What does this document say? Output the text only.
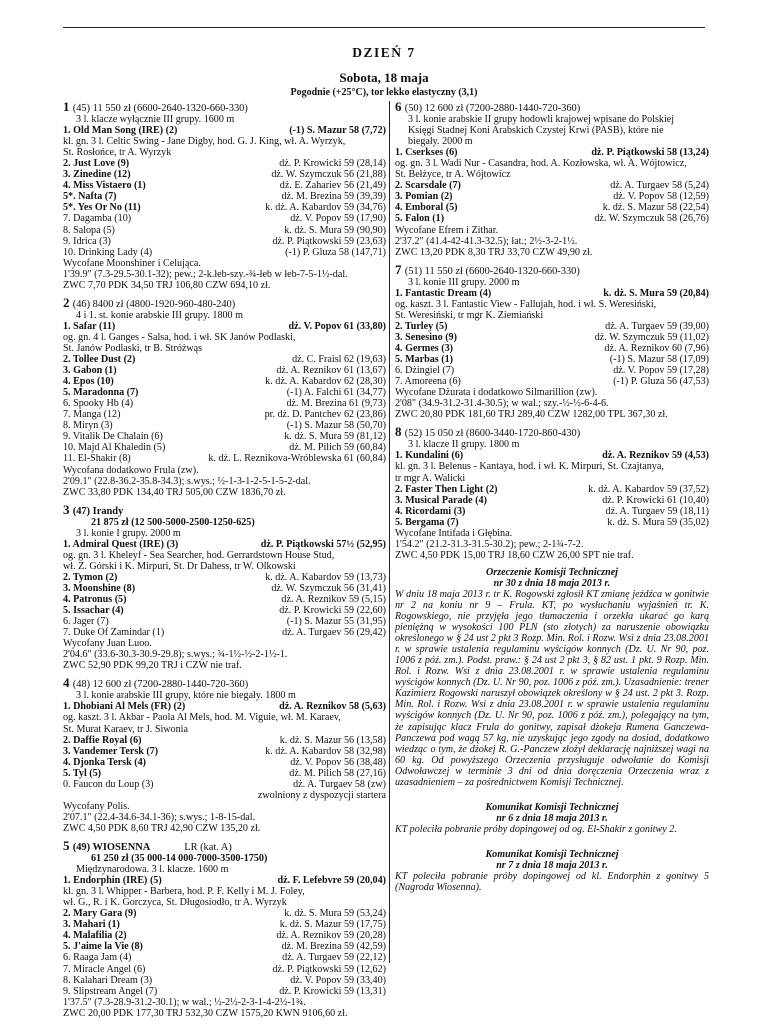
DZIEŃ 7
Sobota, 18 maja
Pogodnie (+25°C), tor lekko elastyczny (3,1)
1 (45) 11 550 zł (6600-2640-1320-660-330)
3 l. klacze wyłącznie III grupy. 1600 m
1. Old Man Song (IRE) (2)	(-1) S. Mazur 58 (7,72)
kl. gn. 3 l. Celtic Swing - Jane Digby, hod. G. J. King, wł. A. Wyrzyk,
St. Rosłońce, tr A. Wyrzyk
2. Just Love (9)	dż. P. Krowicki 59 (28,14)
3. Zinedine (12)	dż. W. Szymczuk 56 (21,88)
4. Miss Vistaero (1)	dż. E. Zahariev 56 (21,49)
5*. Nafta (7)	dż. M. Brezina 59 (39,39)
5*. Yes Or No (11)	k. dż. A. Kabardov 59 (34,76)
7. Dagamba (10)	dż. V. Popov 59 (17,90)
8. Salopa (5)	k. dż. S. Mura 59 (90,90)
9. Idrica (3)	dż. P. Piątkowski 59 (23,63)
10. Drinking Lady (4)	(-1) P. Gluza 58 (147,71)
Wycofane Moonshiner i Celująca.
1'39.9" (7.3-29.5-30.1-32); pew.; 2-k.łeb-szy.-¾-łeb w łeb-7-5-1½-dal.
ZWC 7,70 PDK 34,50 TRJ 106,80 CZW 694,10 zł.
2 (46) 8400 zł (4800-1920-960-480-240)
4 i 1. st. konie arabskie III grupy. 1800 m
1. Safar (11)	dż. V. Popov 61 (33,80)
og. gn. 4 l. Ganges - Salsa, hod. i wł. SK Janów Podlaski,
St. Janów Podlaski, tr B. Stróżwąs
2. Tollee Dust (2)	dż. C. Fraisl 62 (19,63)
3. Gabon (1)	dż. A. Reznikov 61 (13,67)
4. Epos (10)	k. dż. A. Kabardov 62 (28,30)
5. Maradonna (7)	(-1) A. Falchi 61 (34,77)
6. Spooky Hb (4)	dż. M. Brezina 61 (9,73)
7. Manga (12)	pr. dż. D. Pantchev 62 (23,86)
8. Miryn (3)	(-1) S. Mazur 58 (50,70)
9. Vitalik De Chalain (6)	k. dż. S. Mura 59 (81,12)
10. Majd Al Khaledin (5)	dż. M. Pilich 59 (60,84)
11. El-Shakir (8)	k. dż. L. Reznikova-Wróblewska 61 (60,84)
Wycofana dodatkowo Frula (zw).
2'09.1" (22.8-36.2-35.8-34.3); s.wys.; ½-1-3-1-2-5-1-5-2-dal.
ZWC 33,80 PDK 134,40 TRJ 505,00 CZW 1836,70 zł.
3 (47) Irandy
21 875 zł (12 500-5000-2500-1250-625)
3 l. konie I grupy. 2000 m
1. Admiral Quest (IRE) (3)	dż. P. Piątkowski 57½ (52,95)
og. gn. 3 l. Kheleyf - Sea Searcher, hod. Gerrardstown House Stud,
wł. Z. Górski i K. Mirpuri, St. Dr Dahess, tr W. Olkowski
2. Tymon (2)	k. dż. A. Kabardov 59 (13,73)
3. Moonshine (8)	dż. W. Szymczuk 56 (31,41)
4. Patronus (5)	dż. A. Reznikov 59 (5,15)
5. Issachar (4)	dż. P. Krowicki 59 (22,60)
6. Jager (7)	(-1) S. Mazur 55 (31,95)
7. Duke Of Zamindar (1)	dż. A. Turgaev 56 (29,42)
Wycofany Juan Luoo.
2'04.6" (33.6-30.3-30.9-29.8); s.wys.; ¾-1½-½-2-1½-1.
ZWC 52,90 PDK 99,20 TRJ i CZW nie traf.
4 (48) 12 600 zł (7200-2880-1440-720-360)
3 l. konie arabskie III grupy, które nie biegały. 1800 m
1. Dhobiani Al Mels (FR) (2)	dż. A. Reznikov 58 (5,63)
og. kaszt. 3 l. Akbar - Paola Al Mels, hod. M. Viguie, wł. M. Karaev,
St. Murat Karaev, tr J. Siwonia
2. Daffie Royal (6)	k. dż. S. Mazur 56 (13,58)
3. Vandemer Tersk (7)	k. dż. A. Kabardov 58 (32,98)
4. Djonka Tersk (4)	dż. V. Popov 56 (38,48)
5. Tyl (5)	dż. M. Pilich 58 (27,16)
0. Faucon du Loup (3)	dż. A. Turgaev 58 (zw)
zwolniony z dyspozycji startera
Wycofany Polis.
2'07.1" (22.4-34.6-34.1-36); s.wys.; 1-8-15-dal.
ZWC 4,50 PDK 8,60 TRJ 42,90 CZW 135,20 zł.
5 (49) WIOSENNA	LR (kat. A)
61 250 zł (35 000-14 000-7000-3500-1750)
Międzynarodowa. 3 l. klacze. 1600 m
1. Endorphin (IRE) (5)	dż. F. Lefebvre 59 (20,04)
kl. gn. 3 l. Whipper - Barbera, hod. P. F. Kelly i M. J. Foley,
wł. G., R. i K. Gorczyca, St. Długosiodło, tr A. Wyrzyk
2. Mary Gara (9)	k. dż. S. Mura 59 (53,24)
3. Mahari (1)	k. dż. S. Mazur 59 (17,75)
4. Malafilia (2)	dż. A. Reznikov 59 (20,28)
5. J'aime la Vie (8)	dż. M. Brezina 59 (42,59)
6. Raaga Jam (4)	dż. A. Turgaev 59 (22,12)
7. Miracle Angel (6)	dż. P. Piątkowski 59 (12,62)
8. Kalahari Dream (3)	dż. V. Popov 59 (33,40)
9. Slipstream Angel (7)	dż. P. Krowicki 59 (13,31)
1'37.5" (7.3-28.9-31.2-30.1); w wal.; ½-2½-2-3-1-4-2½-1¾.
ZWC 20,00 PDK 177,30 TRJ 532,30 CZW 1575,20 KWN 9106,60 zł.
6 (50) 12 600 zł (7200-2880-1440-720-360)
3 l. konie arabskie II grupy hodowli krajowej wpisane do Polskiej
Księgi Stadnej Koni Arabskich Czystej Krwi (PASB), które nie
biegały. 2000 m
1. Cserkses (6)	dż. P. Piątkowski 58 (13,24)
og. gn. 3 l. Wadi Nur - Casandra, hod. A. Kozłowska, wł. A. Wójtowicz,
St. Bełżyce, tr A. Wójtowicz
2. Scarsdale (7)	dż. A. Turgaev 58 (5,24)
3. Pomian (2)	dż. V. Popov 58 (12,59)
4. Emboral (5)	k. dż. S. Mazur 58 (22,54)
5. Falon (1)	dż. W. Szymczuk 58 (26,76)
Wycofane Efrem i Zithar.
2'37.2" (41.4-42-41.3-32.5); łat.; 2½-3-2-1½.
ZWC 13,20 PDK 8,30 TRJ 33,70 CZW 49,90 zł.
7 (51) 11 550 zł (6600-2640-1320-660-330)
3 l. konie III grupy. 2000 m
1. Fantastic Dream (4)	k. dż. S. Mura 59 (20,84)
og. kaszt. 3 l. Fantastic View - Fallujah, hod. i wł. S. Weresiński,
St. Weresiński, tr mgr K. Ziemiański
2. Turley (5)	dż. A. Turgaev 59 (39,00)
3. Senesino (9)	dż. W. Szymczuk 59 (11,02)
4. Germes (3)	dż. A. Reznikov 60 (7,96)
5. Marbas (1)	(-1) S. Mazur 58 (17,09)
6. Dżingiel (7)	dż. V. Popov 59 (17,28)
7. Amoreena (6)	(-1) P. Gluza 56 (47,53)
Wycofane Dżurata i dodatkowo Silmarillion (zw).
2'08" (34.9-31.2-31.4-30.5); w wal.; szy.-½-½-6-4-6.
ZWC 20,80 PDK 181,60 TRJ 289,40 CZW 1282,00 TPL 367,30 zł.
8 (52) 15 050 zł (8600-3440-1720-860-430)
3 l. klacze II grupy. 1800 m
1. Kundalini (6)	dż. A. Reznikov 59 (4,53)
kl. gn. 3 l. Belenus - Kantaya, hod. i wł. K. Mirpuri, St. Czajtanya,
tr mgr A. Walicki
2. Faster Then Light (2)	k. dż. A. Kabardov 59 (37,52)
3. Musical Parade (4)	dż. P. Krowicki 61 (10,40)
4. Ricordami (3)	dż. A. Turgaev 59 (18,11)
5. Bergama (7)	k. dż. S. Mura 59 (35,02)
Wycofane Intifada i Głębina.
1'54.2" (21.2-31.3-31.5-30.2); pew.; 2-1¾-7-2.
ZWC 4,50 PDK 15,00 TRJ 18,60 CZW 26,00 SPT nie traf.
Orzeczenie Komisji Technicznej
nr 30 z dnia 18 maja 2013 r.
W dniu 18 maja 2013 r. tr K. Rogowski zgłosił KT zmianę jeźdźca w gonitwie nr 2 na koniu nr 9 – Frula. KT, po wysłuchaniu wyjaśnień tr. K. Rogowskiego, nie przyjęła jego tłumaczenia i orzekła ukarać go karą pieniężną w wysokości 100 PLN (sto złotych) za naruszenie obowiązku określonego w § 24 ust 2 pkt 3 Rozp. Min. Rol. i Rozw. Wsi z dnia 23.08.2001 r. w sprawie ustalenia regulaminu wyścigów konnych (Dz. U. Nr 90, poz. 1006 z póź. zm.). Podst. praw.: § 24 ust 2 pkt 3, § 82 ust. 1 pkt. 9 Rozp. Min. Rol. i Rozw. Wsi z dnia 23.08.2001 r. w sprawie ustalenia regulaminu wyścigów konnych (Dz. U. Nr 90, poz. 1006 z póź. zm.). Uzasadnienie: trener Kazimierz Rogowski naruszył obowiązek określony w § 24 ust. 2 pkt 3. Rozp. Min. Rol. i Rozw. Wsi z dnia 23.08.2001 r. w sprawie ustalenia regulaminu wyścigów konnych (Dz. U. Nr 90, poz. 1006 z póź. zm.), polegający na tym, że zapisując klacz Frula do gonitwy, zapisał dżokeja Rumena Ganczewa-Panczewa pod wagą 57 kg, nie uzyskując jego zgody na dosiad, dodatkowo wiedząc o tym, że dżokej R. G.-Panczew złożył deklarację najniższej wagi na 60 kg. Od powyższego Orzeczenia przysługuje odwołanie do Komisji Odwoławczej w terminie 3 dni od dnia doręczenia Orzeczenia wraz z uzasadnieniem – za pośrednictwem Komisji Technicznej.
Komunikat Komisji Technicznej
nr 6 z dnia 18 maja 2013 r.
KT poleciła pobranie próby dopingowej od og. El-Shakir z gonitwy 2.
Komunikat Komisji Technicznej
nr 7 z dnia 18 maja 2013 r.
KT poleciła pobranie próby dopingowej od kl. Endorphin z gonitwy 5 (Nagroda Wiosenna).
